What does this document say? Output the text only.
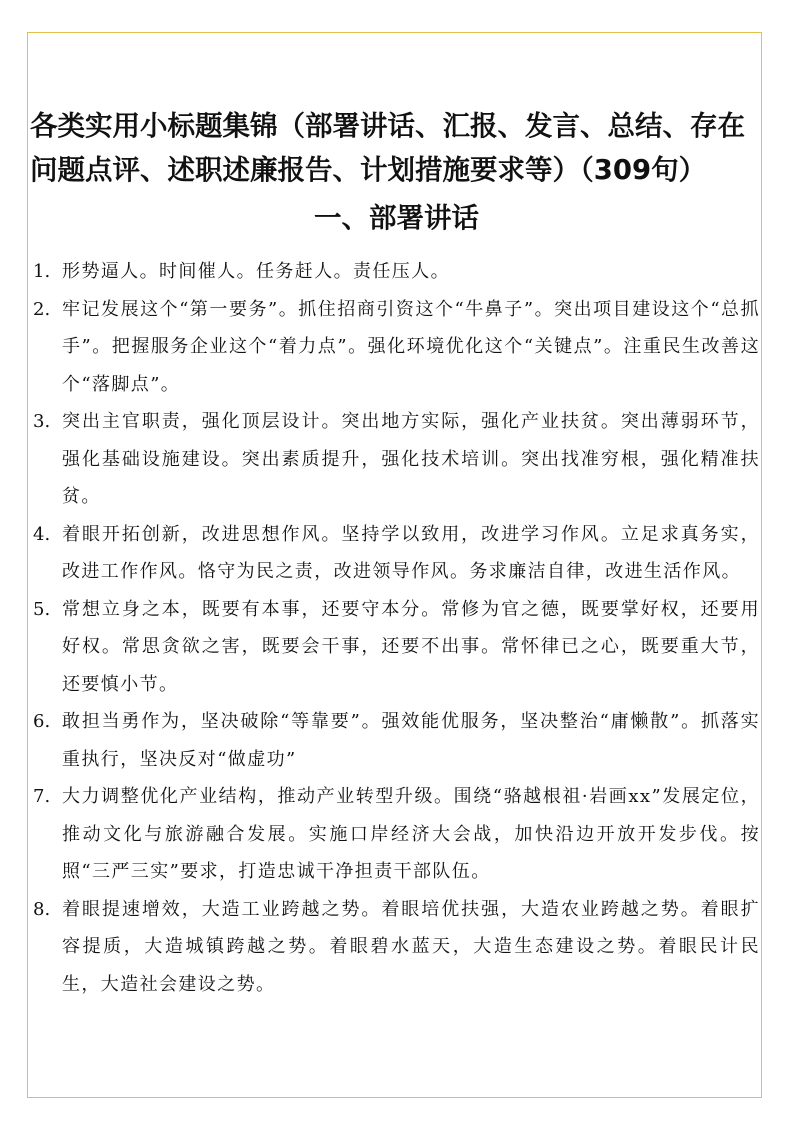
各类实用小标题集锦（部署讲话、汇报、发言、总结、存在问题点评、述职述廉报告、计划措施要求等）（309句）
一、部署讲话
1. 形势逼人。时间催人。任务赶人。责任压人。
2. 牢记发展这个“第一要务”。抓住招商引资这个“牛鼻子”。突出项目建设这个“总抓手”。把握服务企业这个“着力点”。强化环境优化这个“关键点”。注重民生改善这个“落脚点”。
3. 突出主官职责，强化顶层设计。突出地方实际，强化产业扶贫。突出薄弱环节，强化基础设施建设。突出素质提升，强化技术培训。突出找准穷根，强化精准扶贫。
4. 着眼开拓创新，改进思想作风。坚持学以致用，改进学习作风。立足求真务实，改进工作作风。恪守为民之责，改进领导作风。务求廉洁自律，改进生活作风。
5. 常想立身之本，既要有本事，还要守本分。常修为官之德，既要掌好权，还要用好权。常思贪欲之害，既要会干事，还要不出事。常怀律已之心，既要重大节，还要慎小节。
6. 敢担当勇作为，坚决破除“等靠要”。强效能优服务，坚决整治“庸懒散”。抓落实重执行，坚决反对“做虚功”
7. 大力调整优化产业结构，推动产业转型升级。围绕“骆越根祖·岩画xx”发展定位，推动文化与旅游融合发展。实施口岸经济大会战，加快沿边开放开发步伐。按照“三严三实”要求，打造忠诚干净担责干部队伍。
8. 着眼提速增效，大造工业跨越之势。着眼培优扶强，大造农业跨越之势。着眼扩容提质，大造城镇跨越之势。着眼碧水蓝天，大造生态建设之势。着眼民计民生，大造社会建设之势。
